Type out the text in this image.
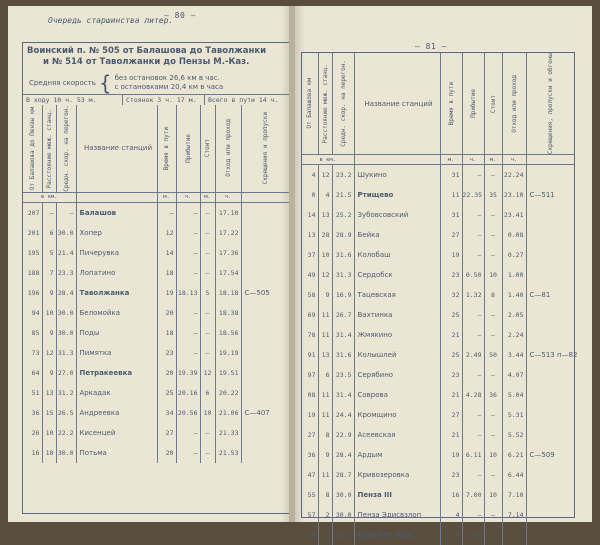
– 80 –
Очередь старшинства литер.
Воинский п. № 505 от Балашова до Таволжанки
и № 514 от Таволжанки до Пензы М.-Каз.
Средняя скорость { без остановок 26,6 км в час.
с остановками 20,4 км в часа
В ходу 10 ч. 53 м.	Стоянок 3 ч. 17 м.	Всего в пути 14 ч.
От Балашова до Пензы км	Расстояние меж. станц.	Средн. скор. на перегон.	Название станций	Время в пути	Прибытие	Стоит	Отход или проход	Скрещения и пропуски

в км.				м.	ч.	м.	ч.	
207	—	—	Балашов	—	—	—	17.10	
201	6	30.0	Хопер	12	—	—	17.22	
195	5	21.4	Пичерувка	14	—	—	17.36	
188	7	23.3	Лопатино	18	—	—	17.54	
196	9	28.4	Таволжанка	19	18.13	5	18.18	С—505
94	10	30.0	Беломойка	20	—	—	18.38	
85	9	30.0	Поды	18	—	—	18.56	
73	12	31.3	Пимятка	23	—	—	19.19	
64	9	27.0	Петракеевка	20	19.39	12	19.51	
51	13	31.2	Аркадак	25	20.16	6	20.22	
36	15	26.5	Андреевка	34	20.56	10	21.06	С—407
26	10	22.2	Кисенцей	27	—	—	21.33	
16	10	30.0	Потьма	20	—	—	21.53	
– 81 –
От Балашова км	Расстояние меж. станц.	Средн. скор. на перегон.	Название станций	Время в пути	Прибытие	Стоит	Отход или проход	Скрещения, пропуски и обгоны

в км.				м.	ч.	м.	ч.	
4	12	23.2	Шукино	31	—	—	22.24	
0	4	21.5	Ртищево	11	22.35	35	23.10	С—511
14	13	25.2	Зубовсовский	31	—	—	23.41	
13	28	28.9	Бейка	27	—	—	0.08	
37	10	31.6	Колобаш	19	—	—	0.27	
49	12	31.3	Сердобск	23	0.50	10	1.00	
58	9	16.9	Тацевская	32	1.32	8	1.40	С—81
69	11	26.7	Вахтинка	25	—	—	2.05	
78	11	31.4	Жмякино	21	—	—	2.24	
91	13	31.6	Колышлей	25	2.49	50	3.44	С—513 п—82
97	6	23.5	Серябино	23	—	—	4.07	
08	11	31.4	Соврова	21	4.28	36	5.04	
19	11	24.4	Кромщино	27	—	—	5.31	
27	8	22.9	Асеевская	21	—	—	5.52	
36	9	28.4	Ардым	19	6.11	10	6.21	С—509
47	11	28.7	Кривозеровка	23	—	—	6.44	
55	8	30.0	Пенза III	16	7.00	10	7.10	
57	2	30.0	Пенза Эдисвзлоп	4	—	—	7.14	
58	1	13.3	Пенза М.-Каз.	6	7.20	—	—	
